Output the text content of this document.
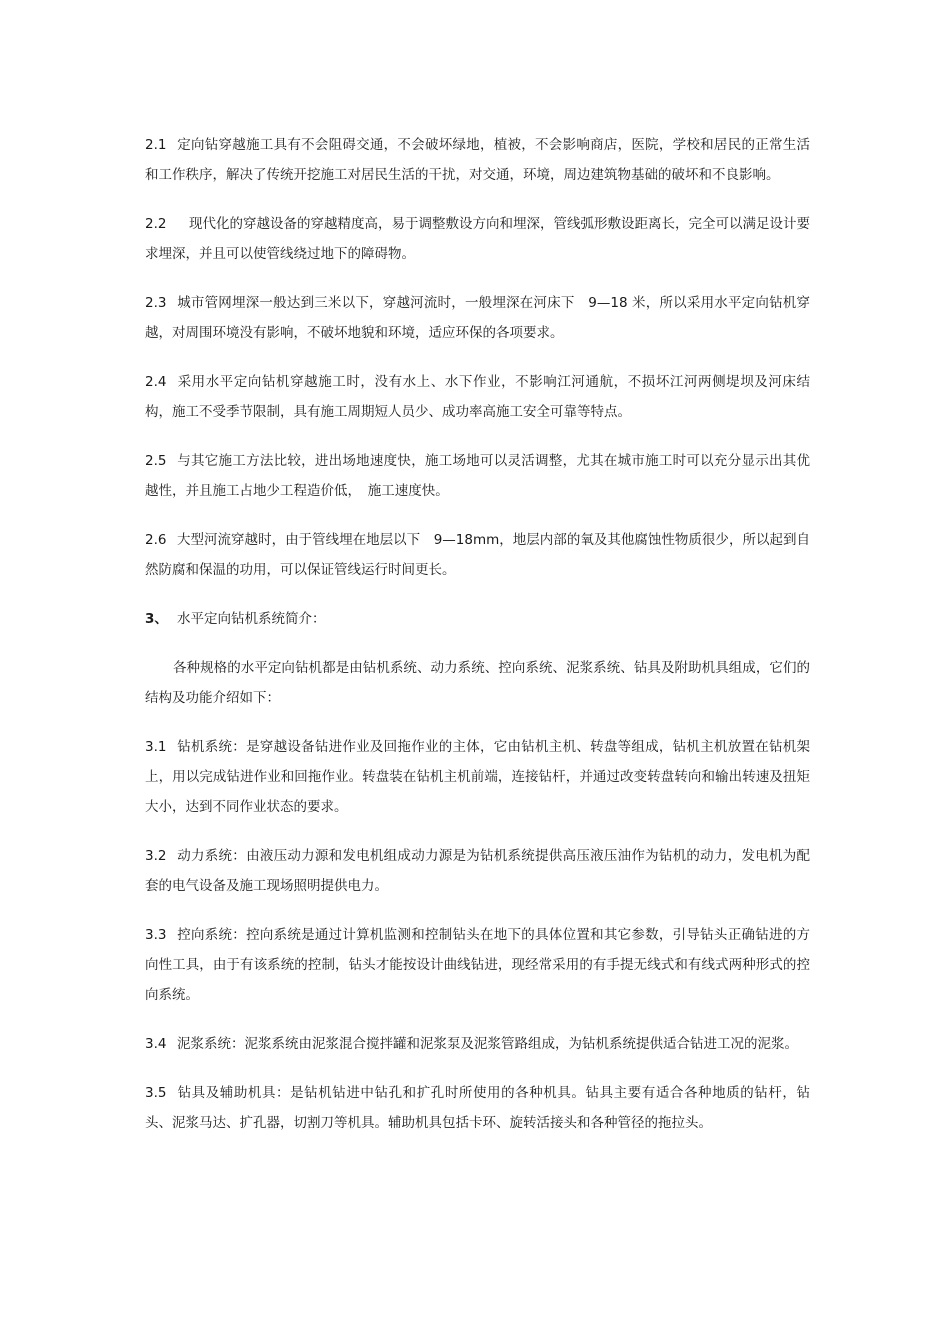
2.1 定向钻穿越施工具有不会阻碍交通，不会破坏绿地，植被，不会影响商店，医院，学校和居民的正常生活和工作秩序，解决了传统开挖施工对居民生活的干扰，对交通，环境，周边建筑物基础的破坏和不良影响。

2.2 现代化的穿越设备的穿越精度高，易于调整敷设方向和埋深，管线弧形敷设距离长，完全可以满足设计要求埋深，并且可以使管线绕过地下的障碍物。

2.3 城市管网埋深一般达到三米以下，穿越河流时，一般埋深在河床下　9—18 米，所以采用水平定向钻机穿越，对周围环境没有影响，不破坏地貌和环境，适应环保的各项要求。

2.4 采用水平定向钻机穿越施工时，没有水上、水下作业，不影响江河通航，不损坏江河两侧堤坝及河床结构，施工不受季节限制，具有施工周期短人员少、成功率高施工安全可靠等特点。

2.5 与其它施工方法比较，进出场地速度快，施工场地可以灵活调整，尤其在城市施工时可以充分显示出其优越性，并且施工占地少工程造价低，　施工速度快。

2.6 大型河流穿越时，由于管线埋在地层以下　9—18mm，地层内部的氧及其他腐蚀性物质很少，所以起到自然防腐和保温的功用，可以保证管线运行时间更长。

3、 水平定向钻机系统简介：

各种规格的水平定向钻机都是由钻机系统、动力系统、控向系统、泥浆系统、钻具及附助机具组成，它们的结构及功能介绍如下：

3.1 钻机系统：是穿越设备钻进作业及回拖作业的主体，它由钻机主机、转盘等组成，钻机主机放置在钻机架上，用以完成钻进作业和回拖作业。转盘装在钻机主机前端，连接钻杆，并通过改变转盘转向和输出转速及扭矩大小，达到不同作业状态的要求。

3.2 动力系统：由液压动力源和发电机组成动力源是为钻机系统提供高压液压油作为钻机的动力，发电机为配套的电气设备及施工现场照明提供电力。

3.3 控向系统：控向系统是通过计算机监测和控制钻头在地下的具体位置和其它参数，引导钻头正确钻进的方向性工具，由于有该系统的控制，钻头才能按设计曲线钻进，现经常采用的有手提无线式和有线式两种形式的控向系统。

3.4 泥浆系统：泥浆系统由泥浆混合搅拌罐和泥浆泵及泥浆管路组成，为钻机系统提供适合钻进工况的泥浆。

3.5 钻具及辅助机具：是钻机钻进中钻孔和扩孔时所使用的各种机具。钻具主要有适合各种地质的钻杆，钻头、泥浆马达、扩孔器，切割刀等机具。辅助机具包括卡环、旋转活接头和各种管径的拖拉头。
